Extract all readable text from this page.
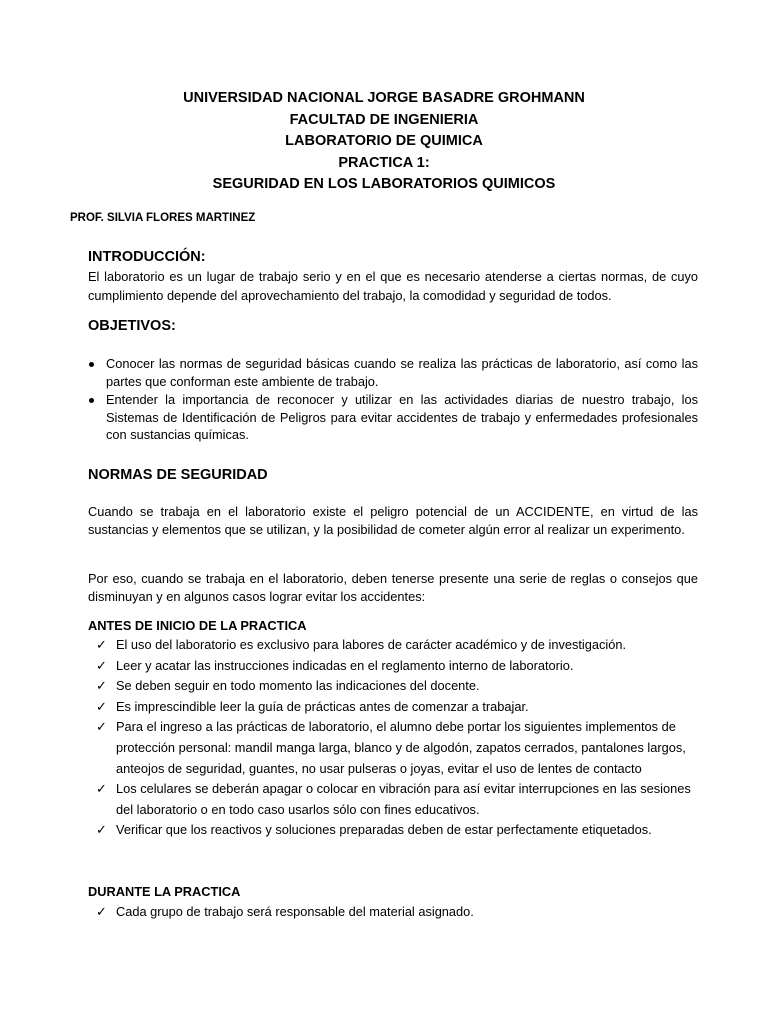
UNIVERSIDAD NACIONAL JORGE BASADRE GROHMANN
FACULTAD DE INGENIERIA
LABORATORIO DE QUIMICA
PRACTICA 1:
SEGURIDAD EN LOS LABORATORIOS QUIMICOS
PROF. SILVIA FLORES MARTINEZ
INTRODUCCIÓN:
El laboratorio es un lugar de trabajo serio y en el que es necesario atenderse a ciertas normas, de cuyo cumplimiento depende del aprovechamiento del trabajo, la comodidad y seguridad de todos.
OBJETIVOS:
Conocer las normas de seguridad básicas cuando se realiza las prácticas de laboratorio, así como las partes que conforman este ambiente de trabajo.
Entender la importancia de reconocer y utilizar en las actividades diarias de nuestro trabajo, los Sistemas de Identificación de Peligros para evitar accidentes de trabajo y enfermedades profesionales con sustancias químicas.
NORMAS DE SEGURIDAD
Cuando se trabaja en el laboratorio existe el peligro potencial de un ACCIDENTE, en virtud de las sustancias y elementos que se utilizan, y la posibilidad de cometer algún error al realizar un experimento.
Por eso, cuando se trabaja en el laboratorio, deben tenerse presente una serie de reglas o consejos que disminuyan y en algunos casos lograr evitar los accidentes:
ANTES DE INICIO DE LA PRACTICA
✓ El uso del laboratorio es exclusivo para labores de carácter académico y de investigación.
✓ Leer y acatar las instrucciones indicadas en el reglamento interno de laboratorio.
✓ Se deben seguir en todo momento las indicaciones del docente.
✓ Es imprescindible leer la guía de prácticas antes de comenzar a trabajar.
✓ Para el ingreso a las prácticas de laboratorio, el alumno debe portar los siguientes implementos de protección personal: mandil manga larga, blanco y de algodón, zapatos cerrados, pantalones largos, anteojos de seguridad, guantes, no usar pulseras o joyas, evitar el uso de lentes de contacto
✓ Los celulares se deberán apagar o colocar en vibración para así evitar interrupciones en las sesiones del laboratorio o en todo caso usarlos sólo con fines educativos.
✓ Verificar que los reactivos y soluciones preparadas deben de estar perfectamente etiquetados.
DURANTE LA PRACTICA
✓ Cada grupo de trabajo será responsable del material asignado.
